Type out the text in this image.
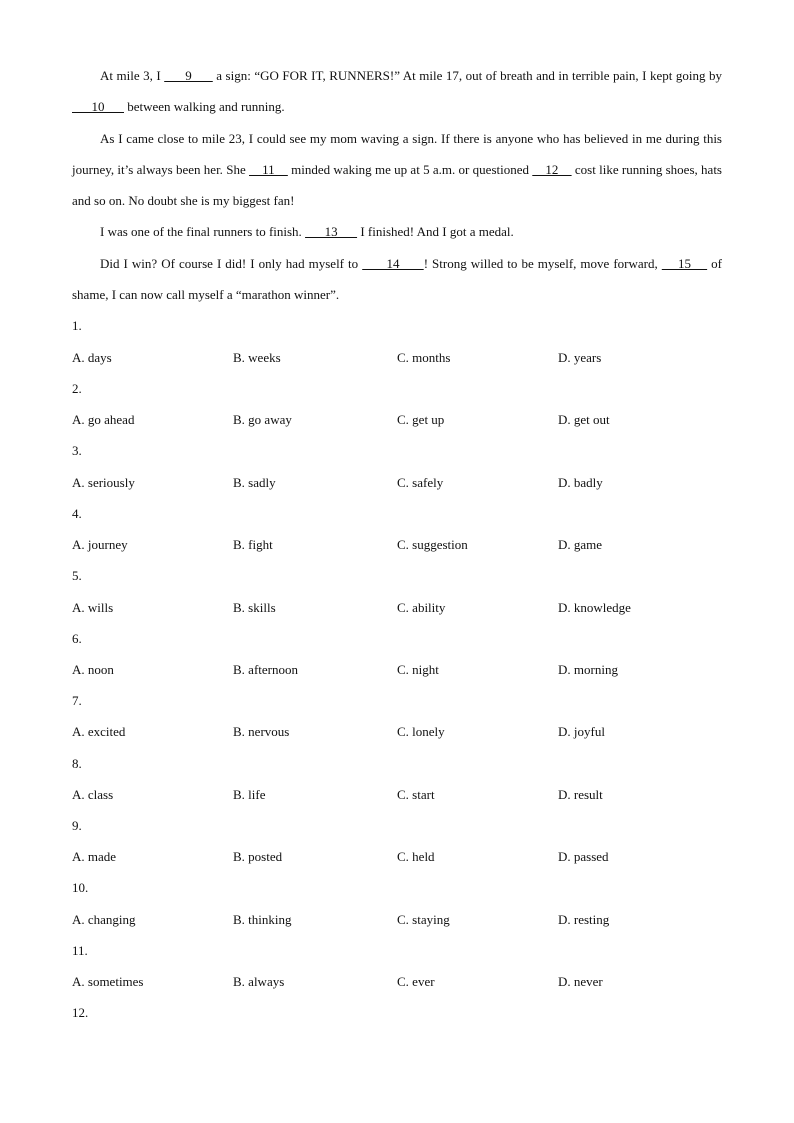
At mile 3, I       9       a sign: “GO FOR IT, RUNNERS!” At mile 17, out of breath and in terrible pain, I kept going by       10       between walking and running.

As I came close to mile 23, I could see my mom waving a sign. If there is anyone who has believed in me during this journey, it’s always been her. She     11     minded waking me up at 5 a.m. or questioned     12     cost like running shoes, hats and so on. No doubt she is my biggest fan!

I was one of the final runners to finish.       13       I finished! And I got a medal.

Did I win? Of course I did! I only had myself to       14      ! Strong willed to be myself, move forward,     15     of shame, I can now call myself a “marathon winner”.

1.
A. days	B. weeks	C. months	D. years
2.
A. go ahead	B. go away	C. get up	D. get out
3.
A. seriously	B. sadly	C. safely	D. badly
4.
A. journey	B. fight	C. suggestion	D. game
5.
A. wills	B. skills	C. ability	D. knowledge
6.
A. noon	B. afternoon	C. night	D. morning
7.
A. excited	B. nervous	C. lonely	D. joyful
8.
A. class	B. life	C. start	D. result
9.
A. made	B. posted	C. held	D. passed
10.
A. changing	B. thinking	C. staying	D. resting
11.
A. sometimes	B. always	C. ever	D. never
12.
